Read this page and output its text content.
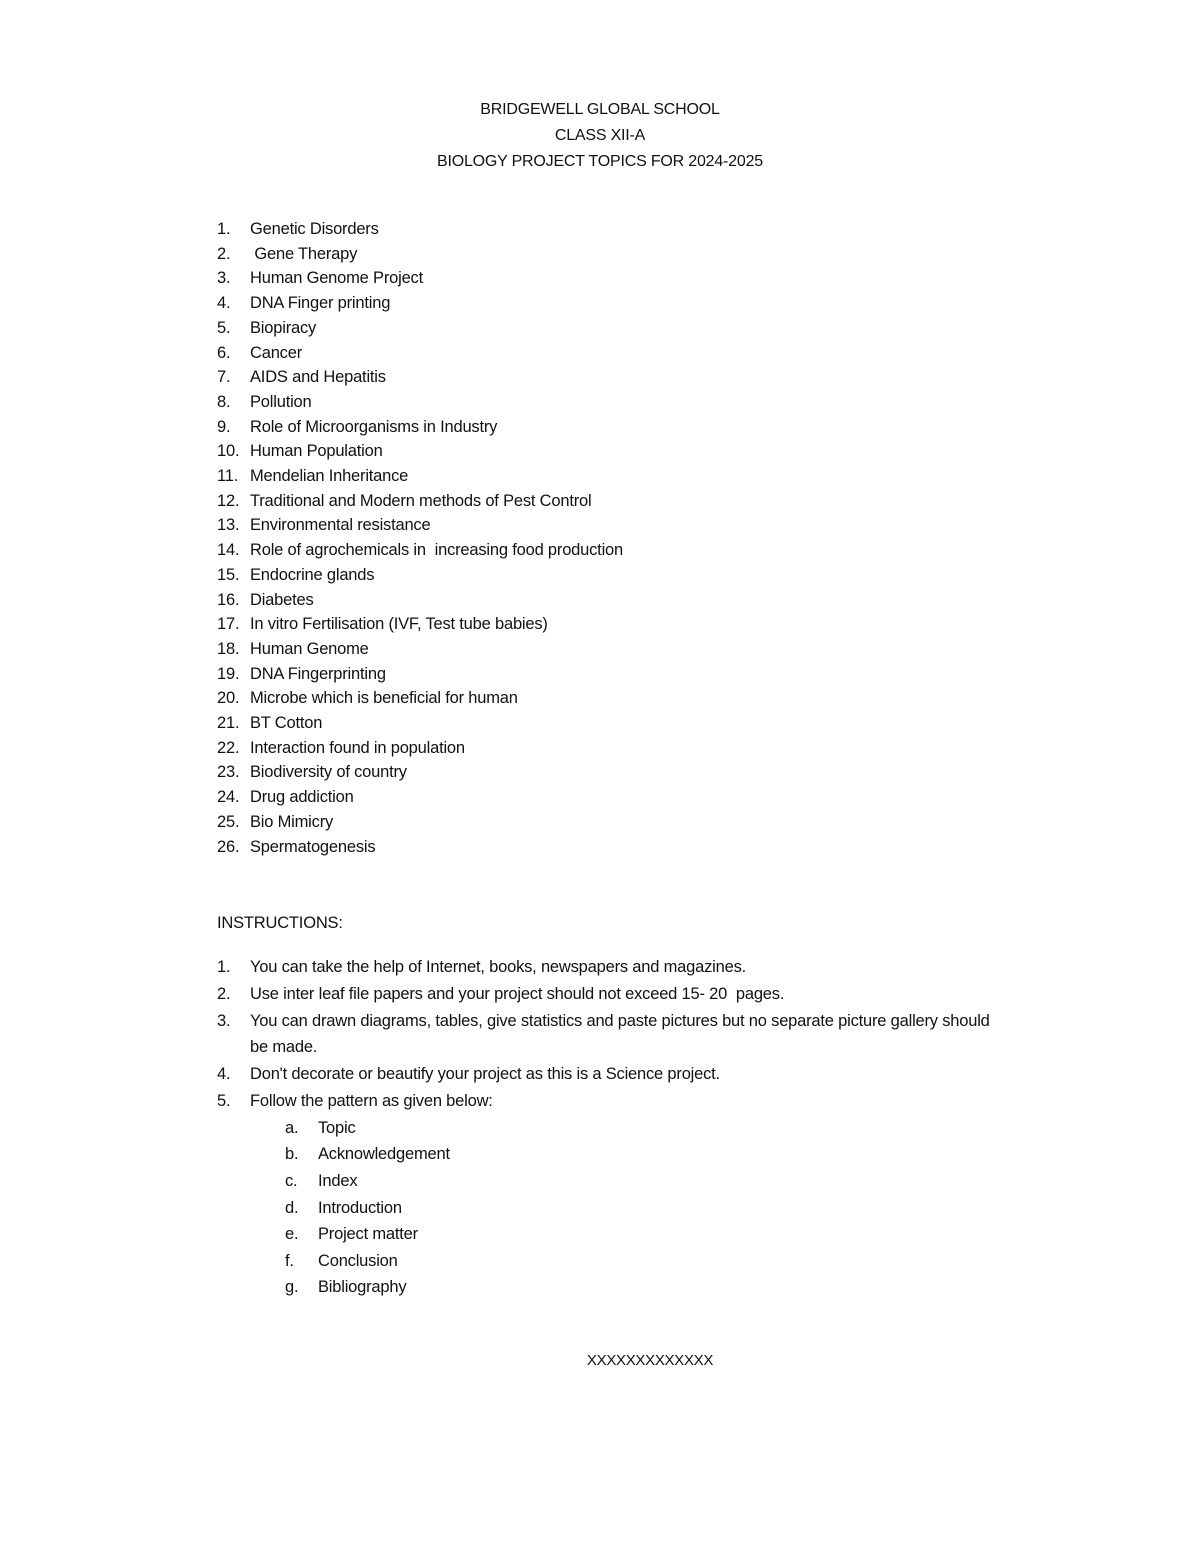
BRIDGEWELL GLOBAL SCHOOL
CLASS XII-A
BIOLOGY PROJECT TOPICS FOR 2024-2025
1.	Genetic Disorders
2.	Gene Therapy
3.	Human Genome Project
4.	DNA Finger printing
5.	Biopiracy
6.	Cancer
7.	AIDS and Hepatitis
8.	Pollution
9.	Role of Microorganisms in Industry
10. Human Population
11. Mendelian Inheritance
12. Traditional and Modern methods of Pest Control
13. Environmental resistance
14. Role of agrochemicals in  increasing food production
15. Endocrine glands
16. Diabetes
17. In vitro Fertilisation (IVF, Test tube babies)
18. Human Genome
19. DNA Fingerprinting
20. Microbe which is beneficial for human
21. BT Cotton
22. Interaction found in population
23. Biodiversity of country
24. Drug addiction
25. Bio Mimicry
26. Spermatogenesis
INSTRUCTIONS:
1.	You can take the help of Internet, books, newspapers and magazines.
2.	Use inter leaf file papers and your project should not exceed 15- 20  pages.
3.	You can drawn diagrams, tables, give statistics and paste pictures but no separate picture gallery should be made.
4.	Don't decorate or beautify your project as this is a Science project.
5.	Follow the pattern as given below:
a.	Topic
b.	Acknowledgement
c.	Index
d.	Introduction
e.	Project matter
f.	Conclusion
g.	Bibliography
XXXXXXXXXXXXX
